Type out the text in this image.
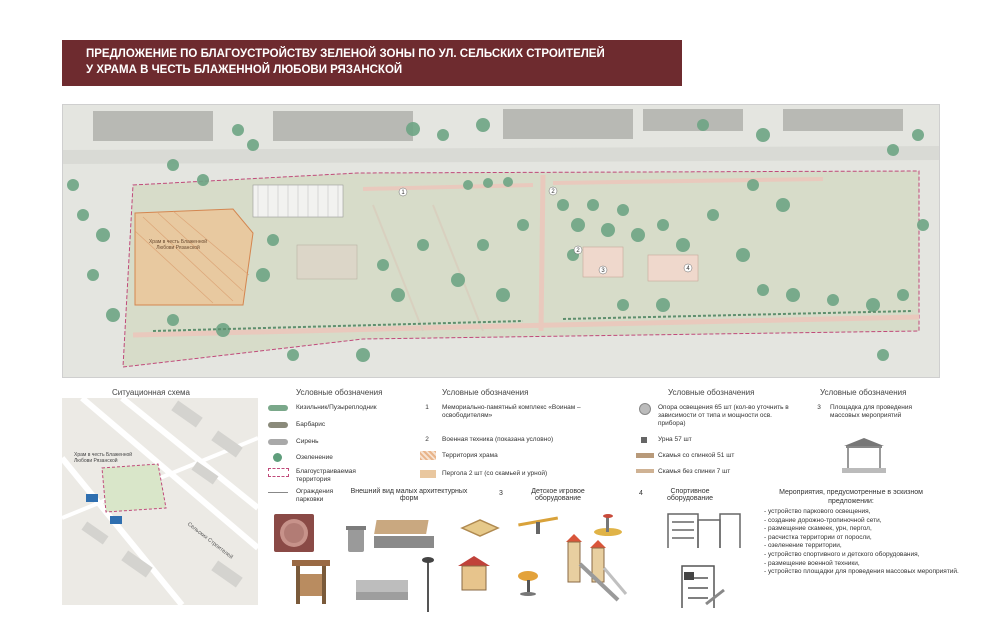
ПРЕДЛОЖЕНИЕ ПО БЛАГОУСТРОЙСТВУ ЗЕЛЕНОЙ ЗОНЫ ПО УЛ. СЕЛЬСКИХ СТРОИТЕЛЕЙ
У ХРАМА В ЧЕСТЬ БЛАЖЕННОЙ ЛЮБОВИ РЯЗАНСКОЙ
1	2
3	4
2
Храм в честь Блаженной Любови Рязанской
Ситуационная схема
Храм в честь Блаженной Любови Рязанской
Сельских Строителей
Условные обозначения
Кизильник/Пузыреплодник
Барбарис
Сирень
Озеленение
Благоустраиваемая территория
Ограждения парковки
Условные обозначения
1	Мемориально-памятный комплекс «Воинам – освободителям»
2	Военная техника (показана условно)
Территория храма
Пергола 2 шт (со скамьей и урной)
Условные обозначения
Опора освещения 65 шт (кол-во уточнить в зависимости от типа и мощности осв. прибора)
Урна 57 шт
Скамья со спинкой 51 шт
Скамья без спинки 7 шт
Условные обозначения
3	Площадка для проведения массовых мероприятий
Внешний вид малых архитектурных форм
3	Детское игровое оборудование
4	Спортивное оборудование
Мероприятия, предусмотренные в эскизном предложении:
- устройство паркового освещения,
- создание дорожно-тропиночной сети,
- размещение скамеек, урн, пергол,
- расчистка территории от поросли,
- озеленение территории,
- устройство спортивного и детского оборудования,
- размещение военной техники,
- устройство площадки для проведения массовых мероприятий.
